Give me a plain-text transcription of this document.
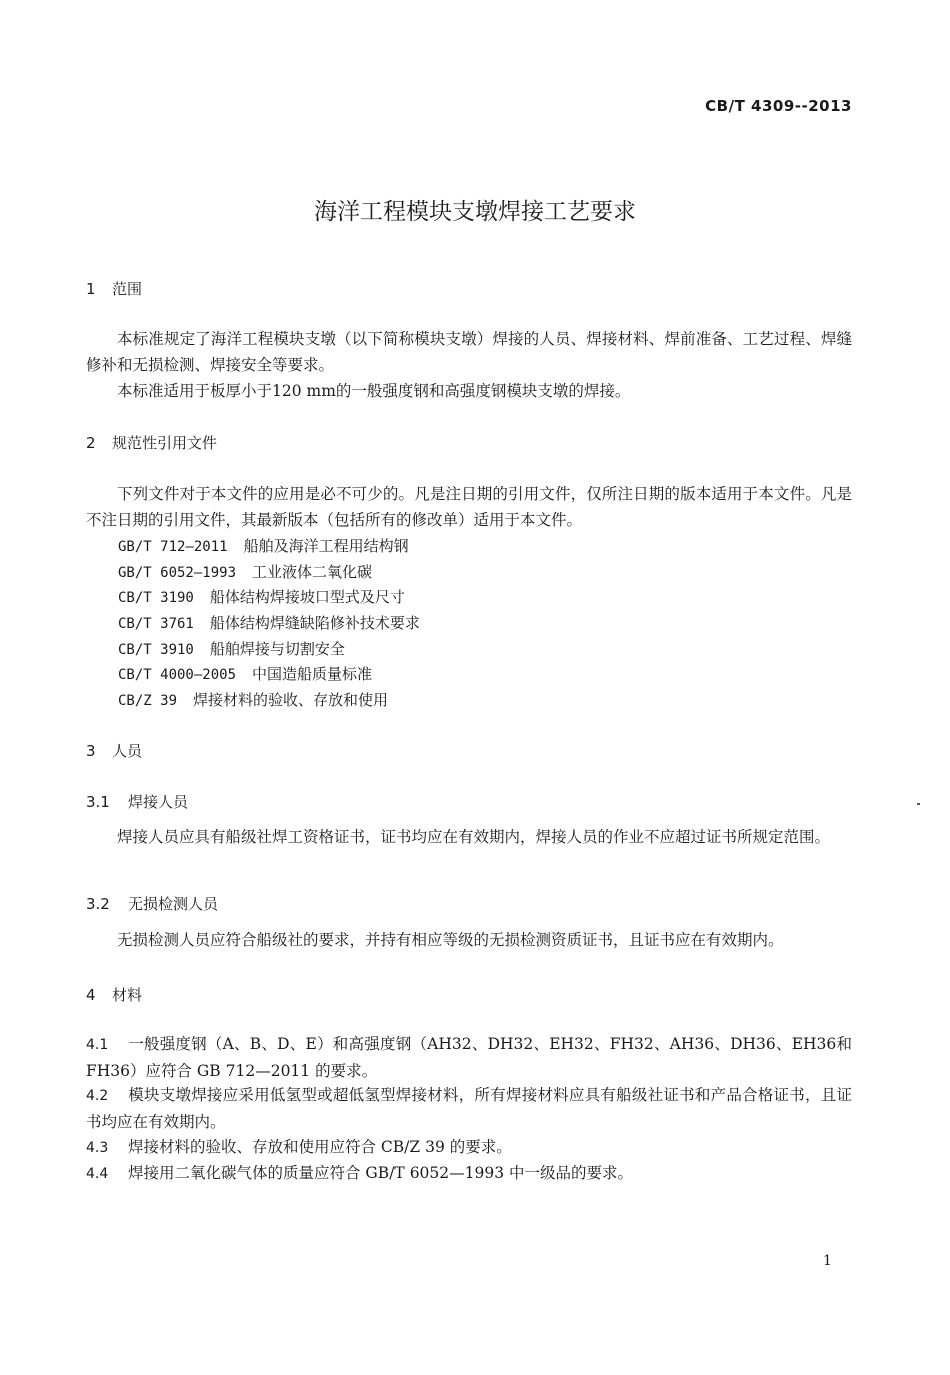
CB/T 4309--2013
海洋工程模块支墩焊接工艺要求
1 范围
本标准规定了海洋工程模块支墩（以下简称模块支墩）焊接的人员、焊接材料、焊前准备、工艺过程、焊缝修补和无损检测、焊接安全等要求。
本标准适用于板厚小于120 mm的一般强度钢和高强度钢模块支墩的焊接。
2 规范性引用文件
下列文件对于本文件的应用是必不可少的。凡是注日期的引用文件，仅所注日期的版本适用于本文件。凡是不注日期的引用文件，其最新版本（包括所有的修改单）适用于本文件。
GB/T 712—2011 船舶及海洋工程用结构钢
GB/T 6052—1993 工业液体二氧化碳
CB/T 3190 船体结构焊接坡口型式及尺寸
CB/T 3761 船体结构焊缝缺陷修补技术要求
CB/T 3910 船舶焊接与切割安全
CB/T 4000—2005 中国造船质量标准
CB/Z 39 焊接材料的验收、存放和使用
3 人员
3.1 焊接人员
焊接人员应具有船级社焊工资格证书，证书均应在有效期内，焊接人员的作业不应超过证书所规定范围。
3.2 无损检测人员
无损检测人员应符合船级社的要求，并持有相应等级的无损检测资质证书，且证书应在有效期内。
4 材料
4.1 一般强度钢（A、B、D、E）和高强度钢（AH32、DH32、EH32、FH32、AH36、DH36、EH36和FH36）应符合 GB 712—2011 的要求。
4.2 模块支墩焊接应采用低氢型或超低氢型焊接材料，所有焊接材料应具有船级社证书和产品合格证书，且证书均应在有效期内。
4.3 焊接材料的验收、存放和使用应符合 CB/Z 39 的要求。
4.4 焊接用二氧化碳气体的质量应符合 GB/T 6052—1993 中一级品的要求。
1
